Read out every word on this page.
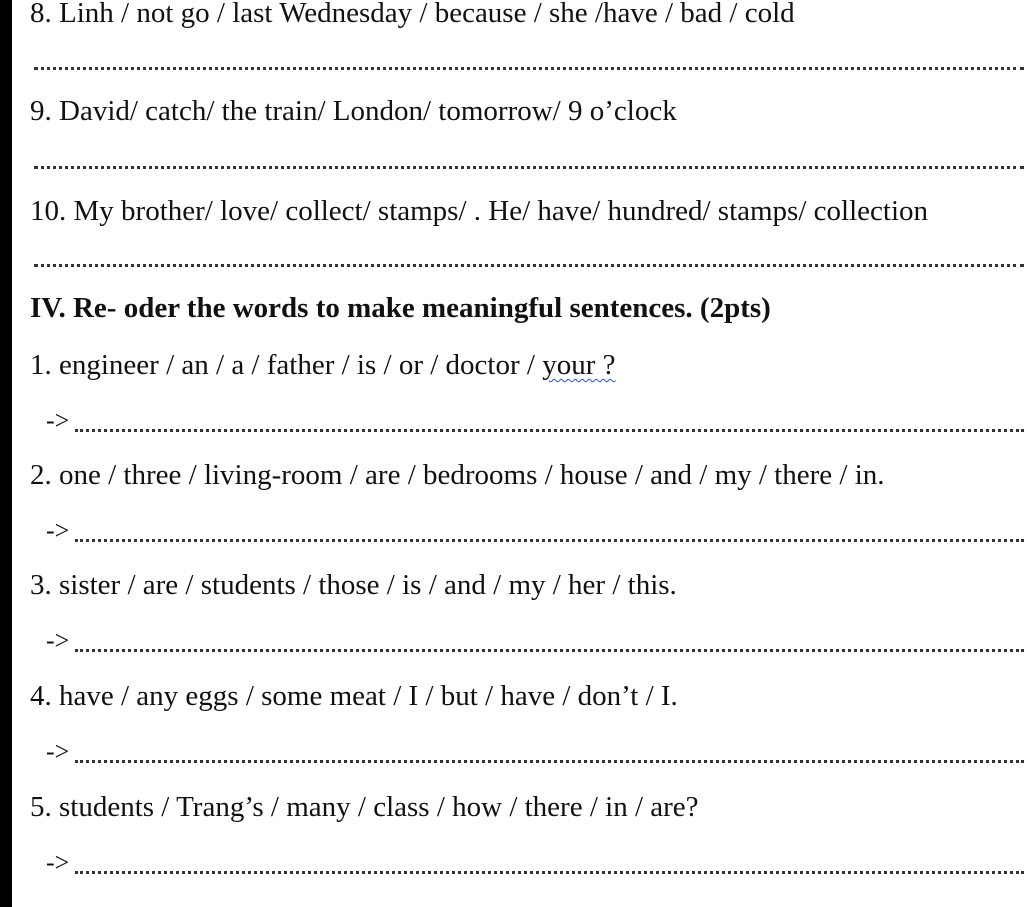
8. Linh / not go / last Wednesday / because / she /have / bad / cold
9. David/ catch/ the train/ London/ tomorrow/ 9 o’clock
10. My brother/ love/ collect/ stamps/ . He/ have/ hundred/ stamps/ collection
IV. Re- oder the words to make meaningful sentences. (2pts)
1. engineer / an / a / father / is / or / doctor / your ?
->
2. one / three / living-room / are / bedrooms / house / and / my / there / in.
->
3. sister / are / students / those / is / and / my / her / this.
->
4. have / any eggs / some meat / I / but / have / don’t / I.
->
5. students / Trang’s / many / class / how / there / in / are?
->
